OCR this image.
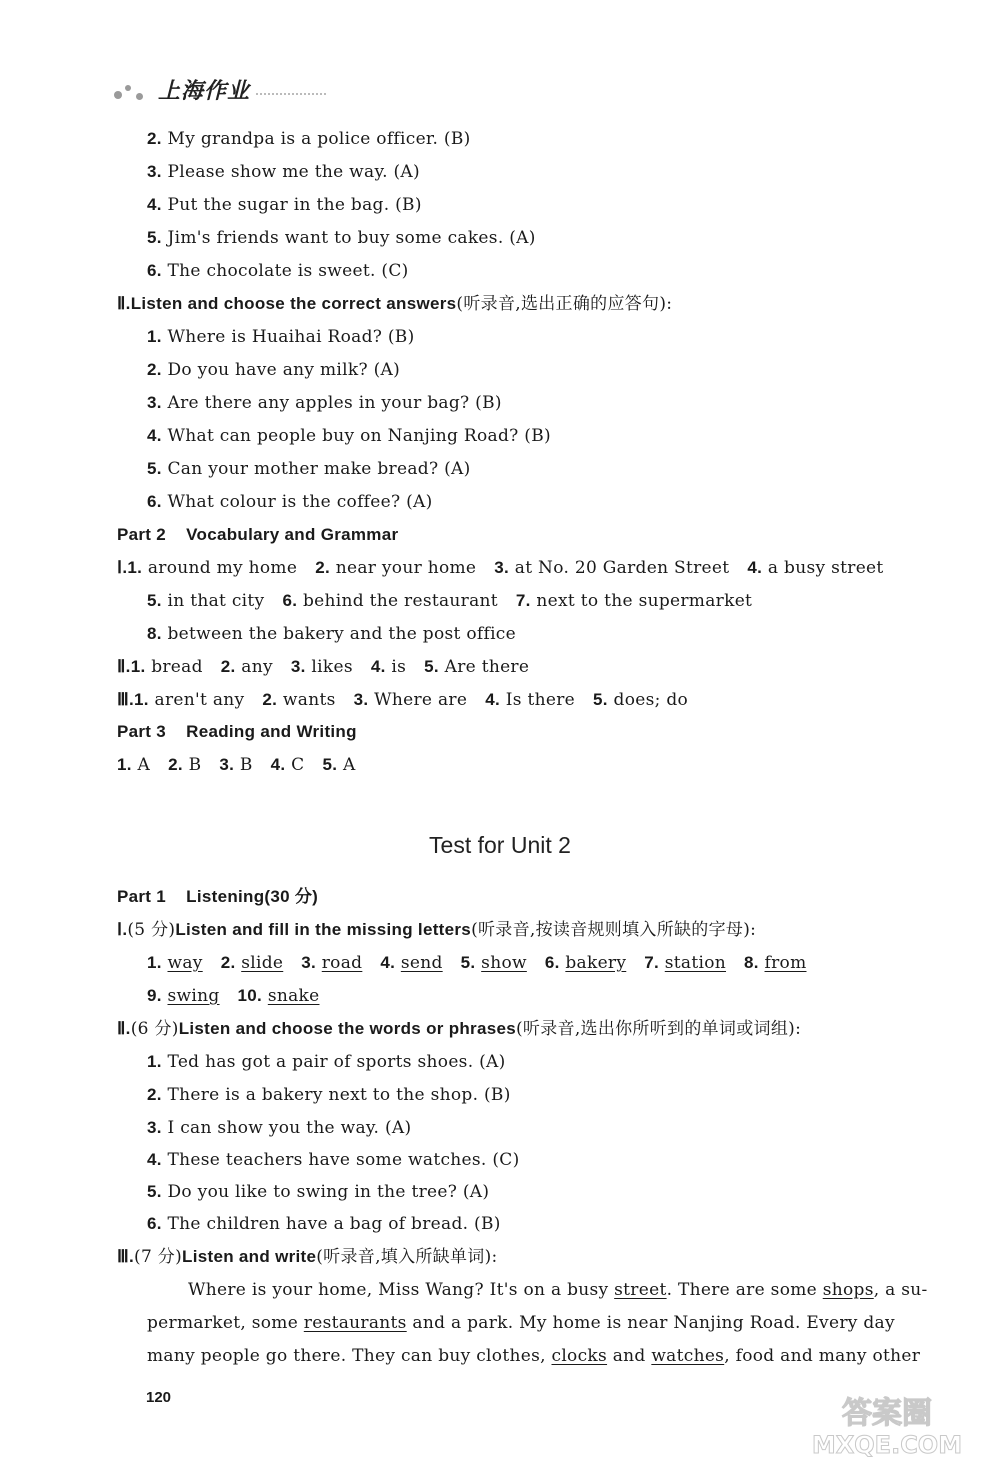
上海作业
2. My grandpa is a police officer. (B)
3. Please show me the way. (A)
4. Put the sugar in the bag. (B)
5. Jim's friends want to buy some cakes. (A)
6. The chocolate is sweet. (C)
Ⅱ.Listen and choose the correct answers(听录音,选出正确的应答句):
1. Where is Huaihai Road? (B)
2. Do you have any milk? (A)
3. Are there any apples in your bag? (B)
4. What can people buy on Nanjing Road? (B)
5. Can your mother make bread? (A)
6. What colour is the coffee? (A)
Part 2    Vocabulary and Grammar
Ⅰ.1. around my home 2. near your home 3. at No. 20 Garden Street 4. a busy street
5. in that city 6. behind the restaurant 7. next to the supermarket
8. between the bakery and the post office
Ⅱ.1. bread 2. any 3. likes 4. is 5. Are there
Ⅲ.1. aren't any 2. wants 3. Where are 4. Is there 5. does; do
Part 3    Reading and Writing
1. A 2. B 3. B 4. C 5. A
Test for Unit 2
Part 1    Listening(30 分)
Ⅰ.(5 分)Listen and fill in the missing letters(听录音,按读音规则填入所缺的字母):
1. way 2. slide 3. road 4. send 5. show 6. bakery 7. station 8. from
9. swing 10. snake
Ⅱ.(6 分)Listen and choose the words or phrases(听录音,选出你所听到的单词或词组):
1. Ted has got a pair of sports shoes. (A)
2. There is a bakery next to the shop. (B)
3. I can show you the way. (A)
4. These teachers have some watches. (C)
5. Do you like to swing in the tree? (A)
6. The children have a bag of bread. (B)
Ⅲ.(7 分)Listen and write(听录音,填入所缺单词):
Where is your home, Miss Wang? It's on a busy street. There are some shops, a su-
permarket, some restaurants and a park. My home is near Nanjing Road. Every day
many people go there. They can buy clothes, clocks and watches, food and many other
120	答案圈
MXQE.COM
